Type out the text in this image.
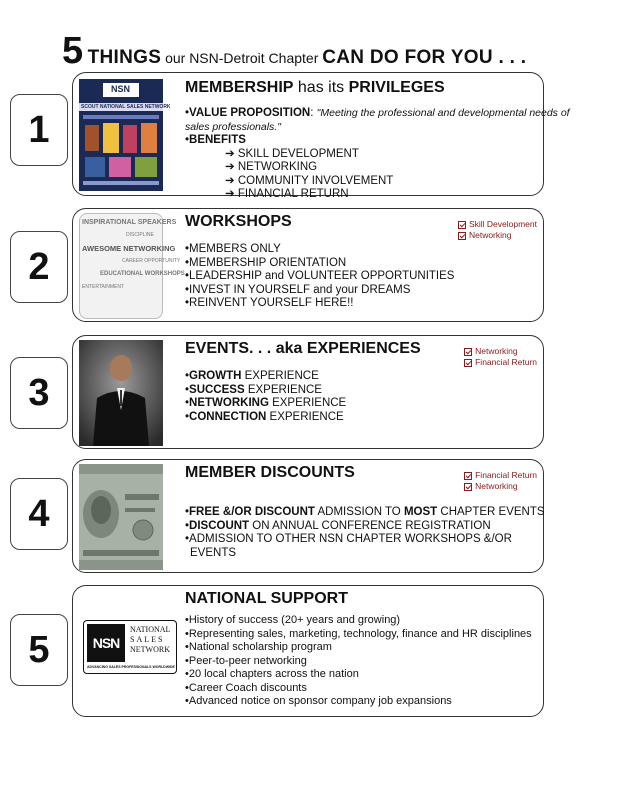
5 THINGS our NSN-Detroit Chapter CAN DO FOR YOU . . .
1
2
3
4
5
NSN
SCOUT NATIONAL SALES NETWORK
MEMBERSHIP has its PRIVILEGES
•VALUE PROPOSITION: "Meeting the professional and developmental needs of
sales professionals."
•BENEFITS
➔ SKILL DEVELOPMENT
➔ NETWORKING
➔ COMMUNITY INVOLVEMENT
➔ FINANCIAL RETURN
INSPIRATIONAL SPEAKERS
DISCIPLINE
AWESOME NETWORKING
CAREER OPPORTUNITY
EDUCATIONAL WORKSHOPS
ENTERTAINMENT
WORKSHOPS	Skill Development
Networking
•MEMBERS ONLY
•MEMBERSHIP ORIENTATION
•LEADERSHIP and VOLUNTEER OPPORTUNITIES
•INVEST IN YOURSELF and your DREAMS
•REINVENT YOURSELF HERE!!
EVENTS. . . aka EXPERIENCES	Networking
Financial Return
•GROWTH EXPERIENCE
•SUCCESS EXPERIENCE
•NETWORKING EXPERIENCE
•CONNECTION EXPERIENCE
MEMBER DISCOUNTS	Financial Return
Networking
•FREE &/OR DISCOUNT ADMISSION TO MOST CHAPTER EVENTS
•DISCOUNT ON ANNUAL CONFERENCE REGISTRATION
•ADMISSION TO OTHER NSN CHAPTER WORKSHOPS &/OR
EVENTS
NSN
NATIONAL
SALES
NETWORK
ADVANCING SALES PROFESSIONALS WORLDWIDE
NATIONAL SUPPORT
•History of success (20+ years and growing)
•Representing sales, marketing, technology, finance and HR disciplines
•National scholarship program
•Peer-to-peer networking
•20 local chapters across the nation
•Career Coach discounts
•Advanced notice on sponsor company job expansions
